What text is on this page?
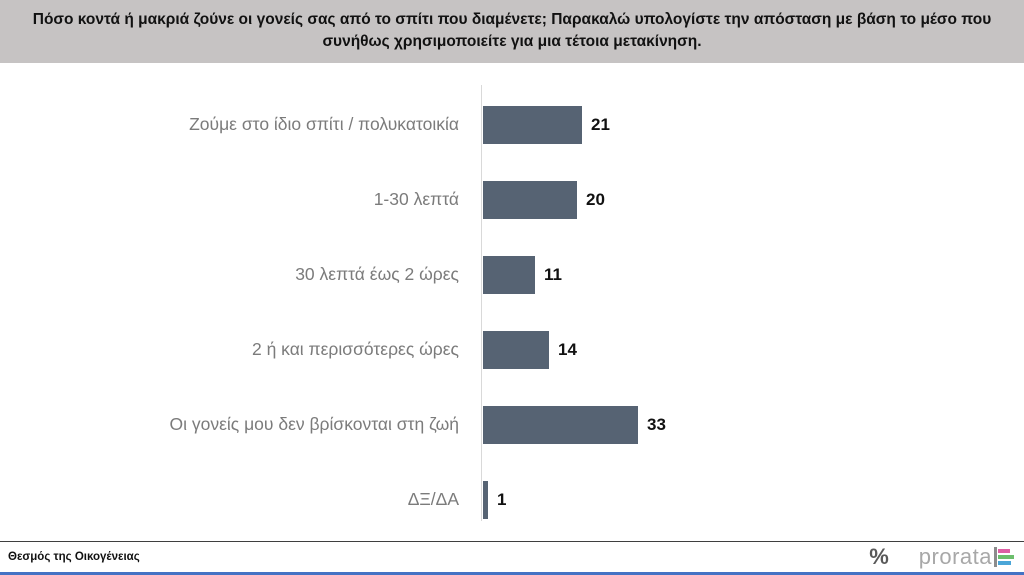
Πόσο κοντά ή μακριά ζούνε οι γονείς σας από το σπίτι που διαμένετε; Παρακαλώ υπολογίστε την απόσταση με βάση το μέσο που συνήθως χρησιμοποιείτε για μια τέτοια μετακίνηση.
Ζούμε στο ίδιο σπίτι / πολυκατοικία	21
1-30 λεπτά	20
30 λεπτά έως 2 ώρες	11
2 ή και περισσότερες ώρες	14
Οι γονείς μου δεν βρίσκονται στη ζωή	33
ΔΞ/ΔΑ	1
Θεσμός της Οικογένειας	% prorata
